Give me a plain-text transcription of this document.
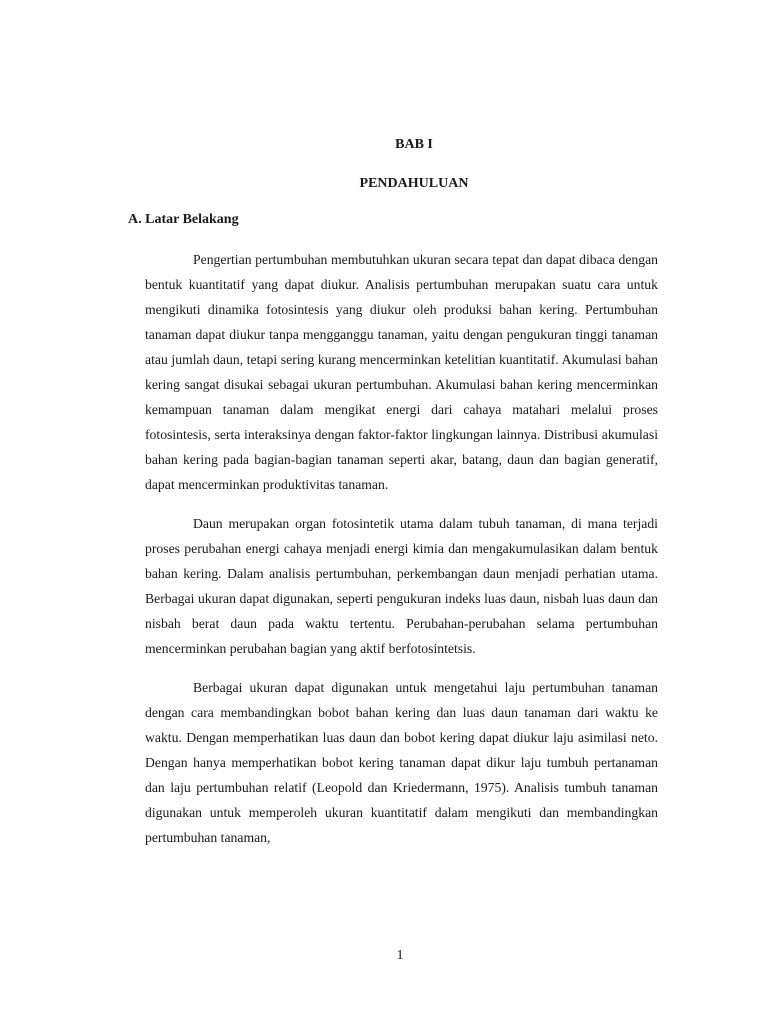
BAB I
PENDAHULUAN
A. Latar Belakang

Pengertian pertumbuhan membutuhkan ukuran secara tepat dan dapat dibaca dengan bentuk kuantitatif yang dapat diukur. Analisis pertumbuhan merupakan suatu cara untuk mengikuti dinamika fotosintesis yang diukur oleh produksi bahan kering. Pertumbuhan tanaman dapat diukur tanpa mengganggu tanaman, yaitu dengan pengukuran tinggi tanaman atau jumlah daun, tetapi sering kurang mencerminkan ketelitian kuantitatif. Akumulasi bahan kering sangat disukai sebagai ukuran pertumbuhan. Akumulasi bahan kering mencerminkan kemampuan tanaman dalam mengikat energi dari cahaya matahari melalui proses fotosintesis, serta interaksinya dengan faktor-faktor lingkungan lainnya. Distribusi akumulasi bahan kering pada bagian-bagian tanaman seperti akar, batang, daun dan bagian generatif, dapat mencerminkan produktivitas tanaman.

Daun merupakan organ fotosintetik utama dalam tubuh tanaman, di mana terjadi proses perubahan energi cahaya menjadi energi kimia dan mengakumulasikan dalam bentuk bahan kering. Dalam analisis pertumbuhan, perkembangan daun menjadi perhatian utama. Berbagai ukuran dapat digunakan, seperti pengukuran indeks luas daun, nisbah luas daun dan nisbah berat daun pada waktu tertentu. Perubahan-perubahan selama pertumbuhan mencerminkan perubahan bagian yang aktif berfotosintetsis.

Berbagai ukuran dapat digunakan untuk mengetahui laju pertumbuhan tanaman dengan cara membandingkan bobot bahan kering dan luas daun tanaman dari waktu ke waktu. Dengan memperhatikan luas daun dan bobot kering dapat diukur laju asimilasi neto. Dengan hanya memperhatikan bobot kering tanaman dapat dikur laju tumbuh pertanaman dan laju pertumbuhan relatif (Leopold dan Kriedermann, 1975). Analisis tumbuh tanaman digunakan untuk memperoleh ukuran kuantitatif dalam mengikuti dan membandingkan pertumbuhan tanaman,

1
